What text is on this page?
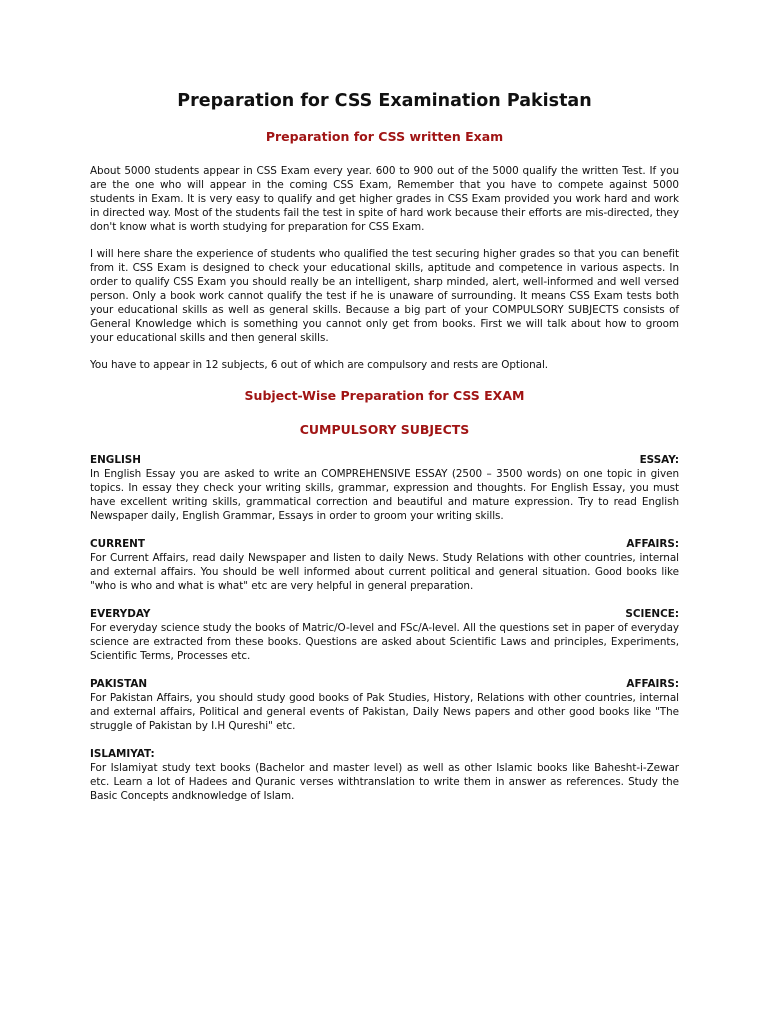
Preparation for CSS Examination Pakistan
Preparation for CSS written Exam

About 5000 students appear in CSS Exam every year. 600 to 900 out of the 5000 qualify the written Test. If you are the one who will appear in the coming CSS Exam, Remember that you have to compete against 5000 students in Exam. It is very easy to qualify and get higher grades in CSS Exam provided you work hard and work in directed way. Most of the students fail the test in spite of hard work because their efforts are mis-directed, they don't know what is worth studying for preparation for CSS Exam.

I will here share the experience of students who qualified the test securing higher grades so that you can benefit from it. CSS Exam is designed to check your educational skills, aptitude and competence in various aspects. In order to qualify CSS Exam you should really be an intelligent, sharp minded, alert, well-informed and well versed person. Only a book work cannot qualify the test if he is unaware of surrounding. It means CSS Exam tests both your educational skills as well as general skills. Because a big part of your COMPULSORY SUBJECTS consists of General Knowledge which is something you cannot only get from books. First we will talk about how to groom your educational skills and then general skills.

You have to appear in 12 subjects, 6 out of which are compulsory and rests are Optional.

Subject-Wise Preparation for CSS EXAM
CUMPULSORY SUBJECTS
ENGLISH	ESSAY:

In English Essay you are asked to write an COMPREHENSIVE ESSAY (2500 – 3500 words) on one topic in given topics. In essay they check your writing skills, grammar, expression and thoughts. For English Essay, you must have excellent writing skills, grammatical correction and beautiful and mature expression. Try to read English Newspaper daily, English Grammar, Essays in order to groom your writing skills.

CURRENT	AFFAIRS:

For Current Affairs, read daily Newspaper and listen to daily News. Study Relations with other countries, internal and external affairs. You should be well informed about current political and general situation. Good books like "who is who and what is what" etc are very helpful in general preparation.

EVERYDAY	SCIENCE:

For everyday science study the books of Matric/O-level and FSc/A-level. All the questions set in paper of everyday science are extracted from these books. Questions are asked about Scientific Laws and principles, Experiments, Scientific Terms, Processes etc.

PAKISTAN	AFFAIRS:

For Pakistan Affairs, you should study good books of Pak Studies, History, Relations with other countries, internal and external affairs, Political and general events of Pakistan, Daily News papers and other good books like "The struggle of Pakistan by I.H Qureshi" etc.

ISLAMIYAT:

For Islamiyat study text books (Bachelor and master level) as well as other Islamic books like Bahesht-i-Zewar etc. Learn a lot of Hadees and Quranic verses withtranslation to write them in answer as references. Study the Basic Concepts andknowledge of Islam.
